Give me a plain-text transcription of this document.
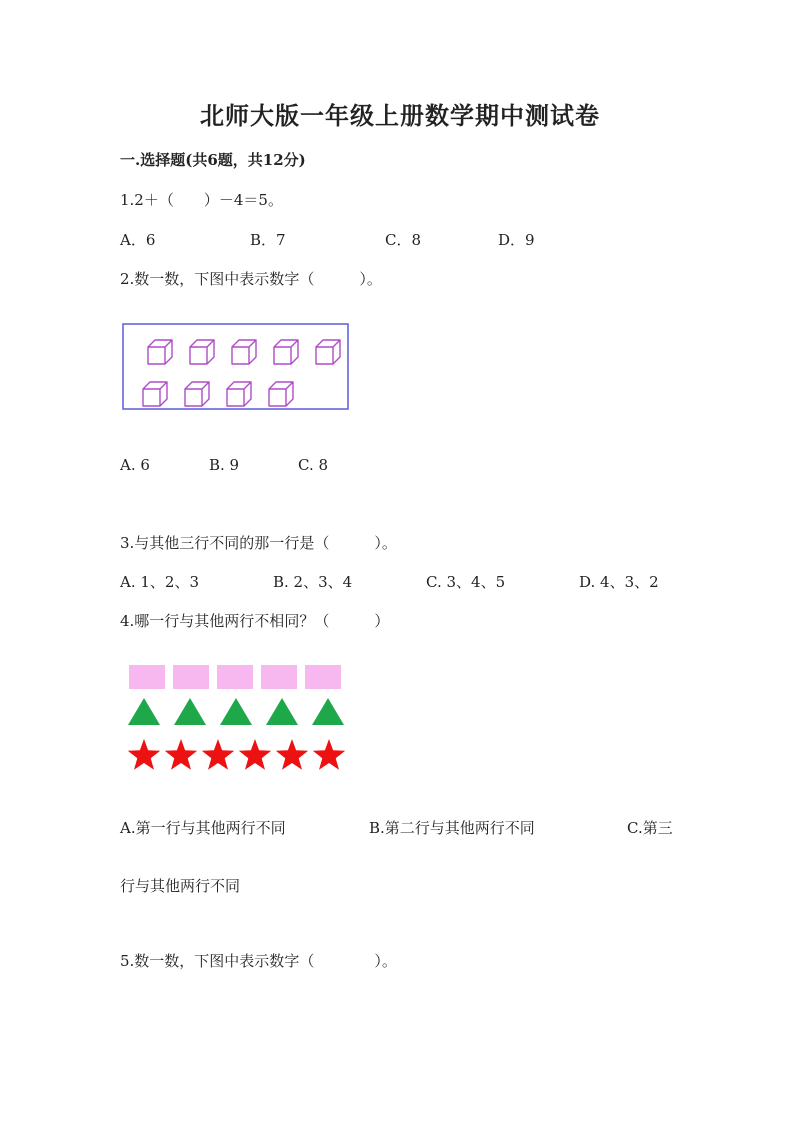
北师大版一年级上册数学期中测试卷
一.选择题(共6题，共12分)
1.2＋（　　）－4＝5。
A．6	B．7	C．8	D．9
2.数一数，下图中表示数字（　　　）。
A. 6	B. 9	C. 8
3.与其他三行不同的那一行是（　　　）。
A. 1、2、3	B. 2、3、4	C. 3、4、5	D. 4、3、2
4.哪一行与其他两行不相同？（　　　）
A.第一行与其他两行不同	B.第二行与其他两行不同	C.第三
行与其他两行不同
5.数一数，下图中表示数字（　　　　）。
